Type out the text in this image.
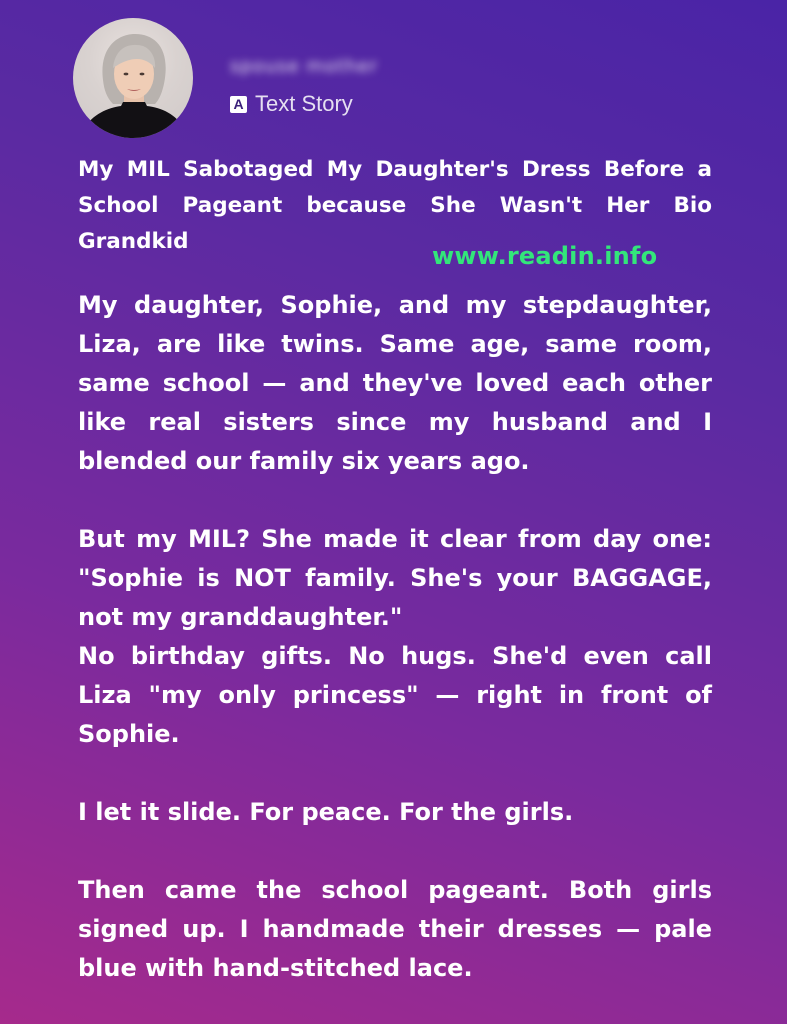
spouse mother
A Text Story
My MIL Sabotaged My Daughter's Dress Before a School Pageant because She Wasn't Her Bio Grandkid
www.readin.info

My daughter, Sophie, and my stepdaughter, Liza, are like twins. Same age, same room, same school — and they've loved each other like real sisters since my husband and I blended our family six years ago.

But my MIL? She made it clear from day one: "Sophie is NOT family. She's your BAGGAGE, not my granddaughter."

No birthday gifts. No hugs. She'd even call Liza "my only princess" — right in front of Sophie.

I let it slide. For peace. For the girls.

Then came the school pageant. Both girls signed up. I handmade their dresses — pale blue with hand-stitched lace.
